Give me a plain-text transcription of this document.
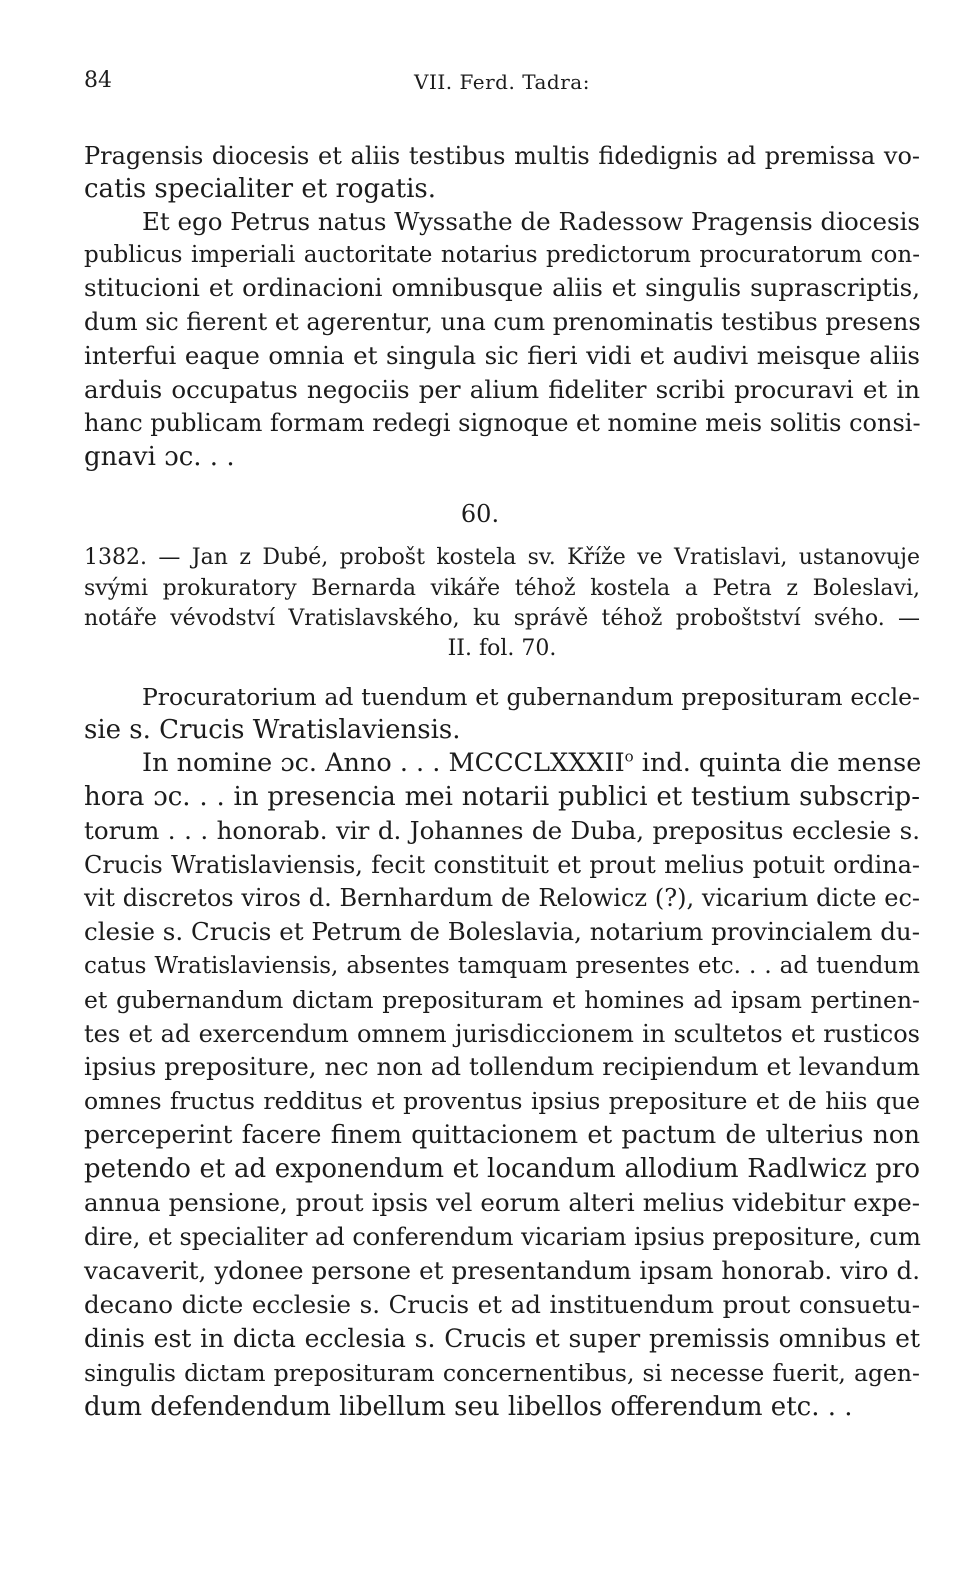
84	VII. Ferd. Tadra:
Pragensis diocesis et aliis testibus multis fidedignis ad premissa vo-
catis specialiter et rogatis.
Et ego Petrus natus Wyssathe de Radessow Pragensis diocesis
publicus imperiali auctoritate notarius predictorum procuratorum con-
stitucioni et ordinacioni omnibusque aliis et singulis suprascriptis,
dum sic fierent et agerentur, una cum prenominatis testibus presens
interfui eaque omnia et singula sic fieri vidi et audivi meisque aliis
arduis occupatus negociis per alium fideliter scribi procuravi et in
hanc publicam formam redegi signoque et nomine meis solitis consi-
gnavi ɔc. . .
60.
1382. — Jan z Dubé, probošt kostela sv. Kříže ve Vratislavi, ustanovuje
svými prokuratory Bernarda vikáře téhož kostela a Petra z Boleslavi,
notáře vévodství Vratislavského, ku správě téhož proboštství svého. —
II. fol. 70.
Procuratorium ad tuendum et gubernandum preposituram eccle-
sie s. Crucis Wratislaviensis.
In nomine ɔc. Anno . . . MCCCLXXXII$^o$ ind. quinta die mense
hora ɔc. . . in presencia mei notarii publici et testium subscrip-
torum . . . honorab. vir d. Johannes de Duba, prepositus ecclesie s.
Crucis Wratislaviensis, fecit constituit et prout melius potuit ordina-
vit discretos viros d. Bernhardum de Relowicz (?), vicarium dicte ec-
clesie s. Crucis et Petrum de Boleslavia, notarium provincialem du-
catus Wratislaviensis, absentes tamquam presentes etc. . . ad tuendum
et gubernandum dictam preposituram et homines ad ipsam pertinen-
tes et ad exercendum omnem jurisdiccionem in scultetos et rusticos
ipsius prepositure, nec non ad tollendum recipiendum et levandum
omnes fructus redditus et proventus ipsius prepositure et de hiis que
perceperint facere finem quittacionem et pactum de ulterius non
petendo et ad exponendum et locandum allodium Radlwicz pro
annua pensione, prout ipsis vel eorum alteri melius videbitur expe-
dire, et specialiter ad conferendum vicariam ipsius prepositure, cum
vacaverit, ydonee persone et presentandum ipsam honorab. viro d.
decano dicte ecclesie s. Crucis et ad instituendum prout consuetu-
dinis est in dicta ecclesia s. Crucis et super premissis omnibus et
singulis dictam preposituram concernentibus, si necesse fuerit, agen-
dum defendendum libellum seu libellos offerendum etc. . .
